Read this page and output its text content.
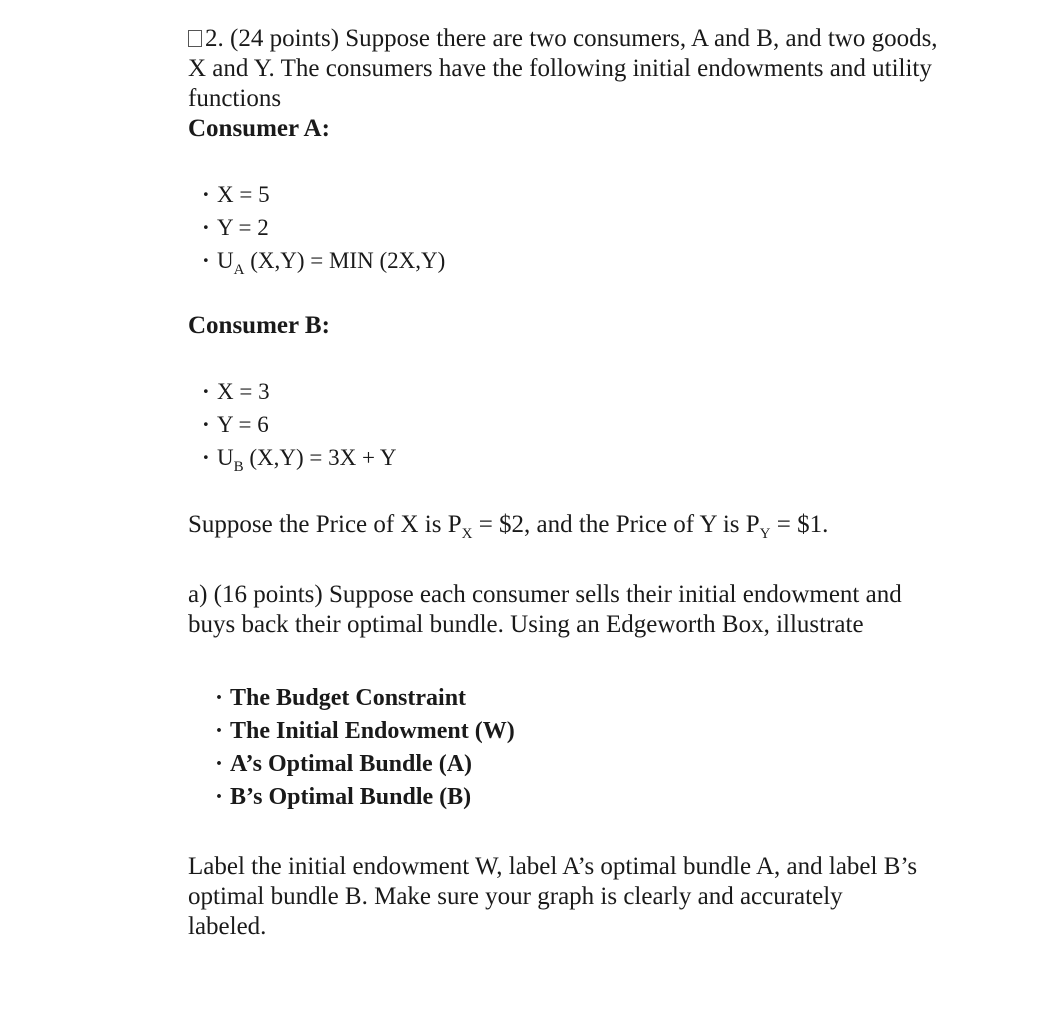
2. (24 points) Suppose there are two consumers, A and B, and two goods, X and Y. The consumers have the following initial endowments and utility functions

Consumer A:

· X = 5
· Y = 2
· $U_A$ (X,Y) = MIN (2X,Y)

Consumer B:

· X = 3
· Y = 6
· $U_B$ (X,Y) = 3X + Y

Suppose the Price of X is $P_X$ = $2, and the Price of Y is $P_Y$ = $1.

a) (16 points) Suppose each consumer sells their initial endowment and buys back their optimal bundle. Using an Edgeworth Box, illustrate

· The Budget Constraint
· The Initial Endowment (W)
· A’s Optimal Bundle (A)
· B’s Optimal Bundle (B)

Label the initial endowment W, label A’s optimal bundle A, and label B’s optimal bundle B. Make sure your graph is clearly and accurately labeled.
